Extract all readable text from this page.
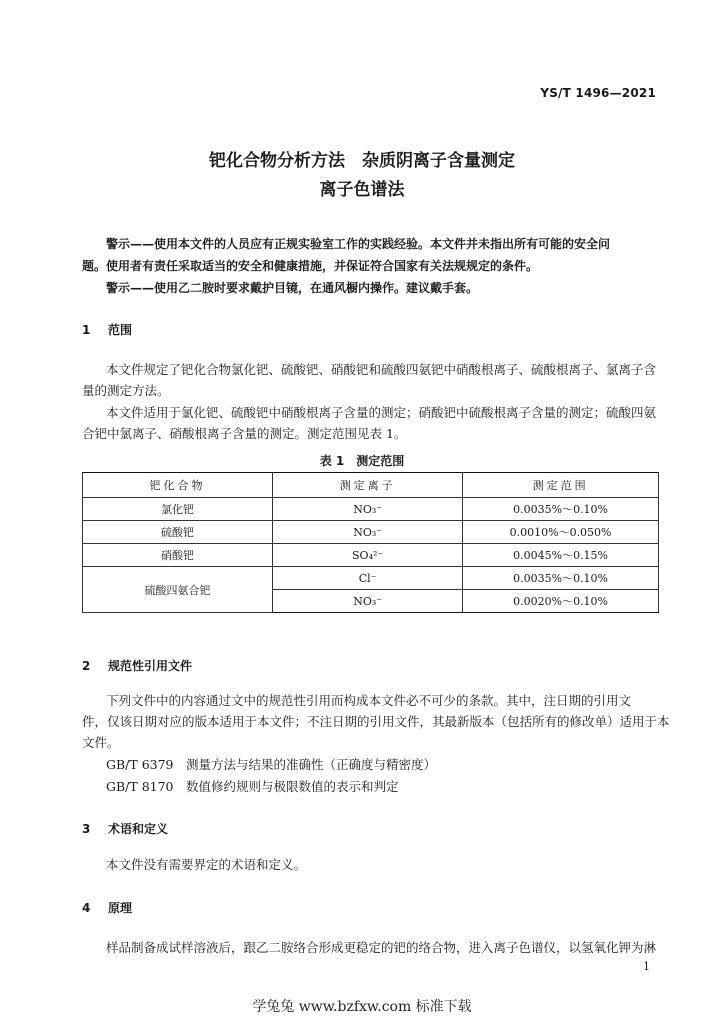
YS/T 1496—2021
钯化合物分析方法　杂质阴离子含量测定
离子色谱法
警示——使用本文件的人员应有正规实验室工作的实践经验。本文件并未指出所有可能的安全问
题。使用者有责任采取适当的安全和健康措施，并保证符合国家有关法规规定的条件。
警示——使用乙二胺时要求戴护目镜，在通风橱内操作。建议戴手套。
1 范围
本文件规定了钯化合物氯化钯、硫酸钯、硝酸钯和硫酸四氨钯中硝酸根离子、硫酸根离子、氯离子含
量的测定方法。
本文件适用于氯化钯、硫酸钯中硝酸根离子含量的测定；硝酸钯中硫酸根离子含量的测定；硫酸四氨
合钯中氯离子、硝酸根离子含量的测定。测定范围见表 1。
表 1　测定范围
钯化合物	测定离子	测定范围
氯化钯	NO₃⁻	0.0035%～0.10%
硫酸钯	NO₃⁻	0.0010%～0.050%
硝酸钯	SO₄²⁻	0.0045%～0.15%
硫酸四氨合钯	Cl⁻	0.0035%～0.10%
	NO₃⁻	0.0020%～0.10%
2 规范性引用文件
下列文件中的内容通过文中的规范性引用而构成本文件必不可少的条款。其中，注日期的引用文
件，仅该日期对应的版本适用于本文件；不注日期的引用文件，其最新版本（包括所有的修改单）适用于本
文件。
GB/T 6379 测量方法与结果的准确性（正确度与精密度）
GB/T 8170 数值修约规则与极限数值的表示和判定
3 术语和定义
本文件没有需要界定的术语和定义。
4 原理
样品制备成试样溶液后，跟乙二胺络合形成更稳定的钯的络合物，进入离子色谱仪，以氢氧化钾为淋
1
学兔兔 www.bzfxw.com 标准下载
